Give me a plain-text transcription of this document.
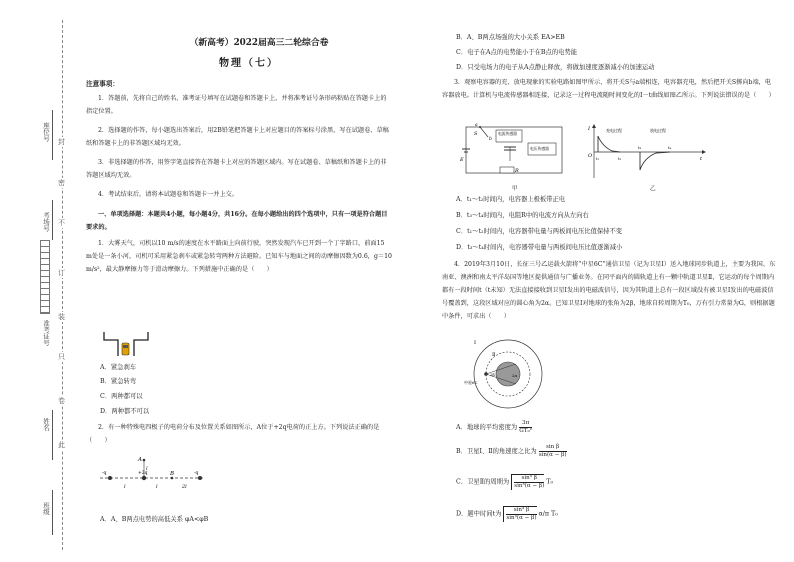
封
密
不
订
装
只
卷
此
座位号
考场号
准考证号
姓名
班级
（新高考）2022届高三二轮综合卷
物理（七）
注意事项：
1．答题前，先将自己的姓名、准考证号填写在试题卷和答题卡上，并将准考证号条形码粘贴在答题卡上的指定位置。
2．选择题的作答，每小题选出答案后，用2B铅笔把答题卡上对应题目的答案标号涂黑，写在试题卷、草稿纸和答题卡上的非答题区域均无效。
3．非选择题的作答，用签字笔直接答在答题卡上对应的答题区域内。写在试题卷、草稿纸和答题卡上的非答题区域均无效。
4．考试结束后，请将本试题卷和答题卡一并上交。
一、单项选择题：本题共4小题，每小题4分，共16分。在每小题给出的四个选项中，只有一项是符合题目要求的。
1．大雾天气，司机以10 m/s的速度在水平路面上向前行驶，突然发现汽车已开到一个丁字路口，前面15 m处是一条小河，司机可采用紧急刹车或紧急转弯两种方法避险。已知车与地面之间的动摩擦因数为0.6，g＝10 m/s²，最大静摩擦力等于滑动摩擦力。下列措施中正确的是（　　）
A．紧急刹车
B．紧急转弯
C．两种都可以
D．两种都不可以
2．有一种特殊电四极子的电荷分布及位置关系如图所示，A位于+2q电荷的正上方。下列说法正确的是（　　）
A
B
l
l	l	2l
-q	+2q	-q
A．A、B两点电势的高低关系 φA<φB
B．A、B两点场强的大小关系 EA>EB
C．电子在A点的电势能小于在B点的电势能
D．只受电场力的电子从A点静止释放，将做加速度逐渐减小的加速运动
3．观察电容器的充、放电现象的实验电路如图甲所示，将开关S与a端相连，电容器充电，然后把开关S掷向b端，电容器放电。计算机与电流传感器相连接，记录这一过程电流随时间变化的I－t曲线如图乙所示。下列说法错误的是（　　）
电流传感器
电压传感器
R
E
S
a
b
甲
I
O	t
充电过程	放电过程
t₁	t₂
t₃	t₄
乙
A．t₁～t₂时间内，电容器上极板带正电
B．t₃～t₄时间内，电阻R中的电流方向从左向右
C．t₁～t₂时间内，电容器带电量与两板间电压比值保持不变
D．t₃～t₄时间内，电容器带电量与两板间电压比值逐渐减小
4．2019年3月10日，长征三号乙运载火箭将“中星6C”通信卫星（记为卫星Ⅰ）送入地球同步轨道上，主要为我国、东南亚、澳洲和南太平洋岛国等地区提供通信与广播业务。在同平面内的圆轨道上有一颗中轨道卫星Ⅱ，它运动的每个周期内都有一段时间t（t未知）无法直接接收到卫星Ⅰ发出的电磁波信号，因为其轨道上总有一段区域没有被卫星Ⅰ发出的电磁波信号覆盖到，这段区域对应的圆心角为2α。已知卫星Ⅰ对地球的张角为2β，地球自转周期为T₀，万有引力常量为G，则根据题中条件，可求出（　　）
Ⅰ
Ⅱ
中星6C
2β	2α
A．地球的平均密度为 $\frac{3\pi}{\text{GT₀²}}$
B．卫星Ⅰ、Ⅱ的角速度之比为 $\frac{\text{sin β}}{\sin(\alpha - \beta)}$
C．卫星Ⅱ的周期为 $\frac{\text{sin³ β}}{\text{sin³(α − β)}} T_0$
D．题中时间t为 $\frac{\text{sin³ β}}{\text{sin³(α − β)}} \alpha/\pi$ T₀
